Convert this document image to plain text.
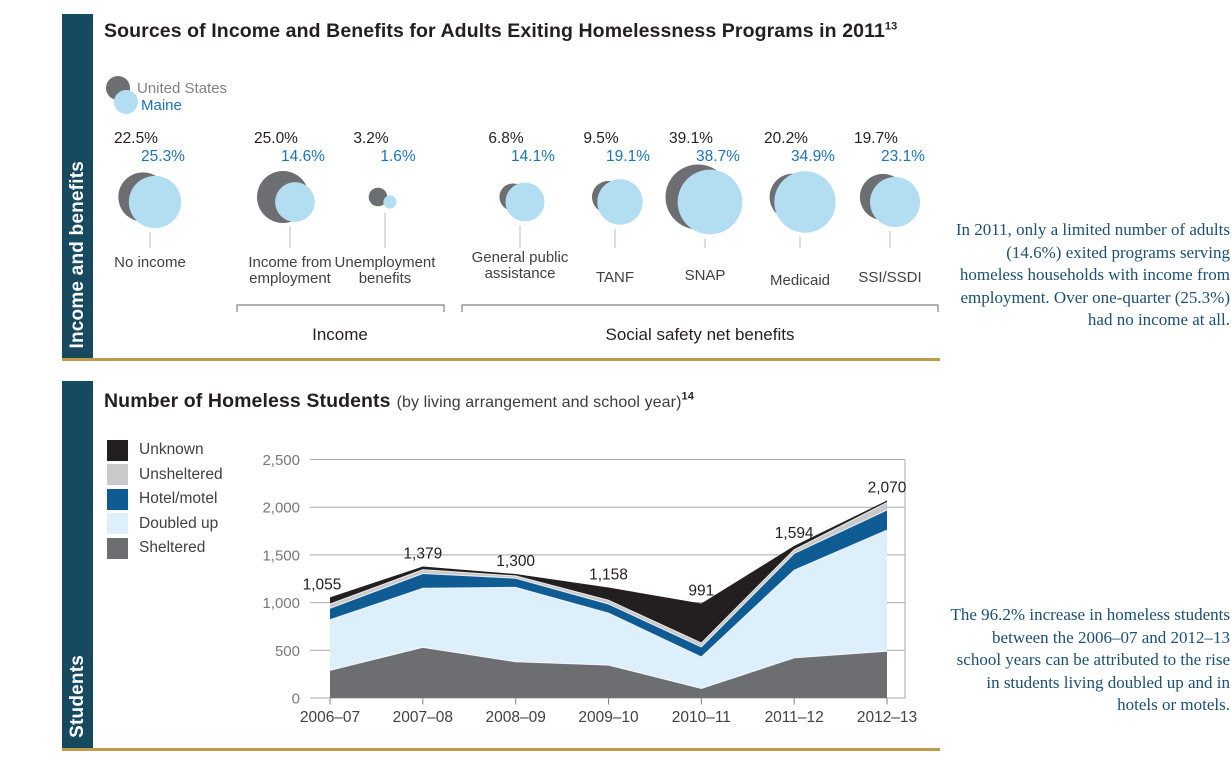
Income and benefits
Sources of Income and Benefits for Adults Exiting Homelessness Programs in 2011$^{13}$
United States
Maine
22.5%
25.3%
25.0%
14.6%
3.2%
1.6%
6.8%
14.1%
9.5%
19.1%
39.1%
38.7%
20.2%
34.9%
19.7%
23.1%
Income	Social safety net benefits
No income	Income from employment
Unemployment benefits
General public assistance	TANF	SNAP	Medicaid	SSI/SSDI
In 2011, only a limited number of adults (14.6%) exited programs serving homeless households with income from employment. Over one-quarter (25.3%) had no income at all.
Students
Number of Homeless Students (by living arrangement and school year)$^{14}$
Unknown
Unsheltered
Hotel/motel
Doubled up
Sheltered
0
500
1,000
1,500
2,000
2,500
2006–07 2007–08 2008–09 2009–10 2010–11 2011–12 2012–13
1,055
1,379	1,300
1,158
991
1,594
2,070
The 96.2% increase in homeless students between the 2006–07 and 2012–13 school years can be attributed to the rise in students living doubled up and in hotels or motels.
